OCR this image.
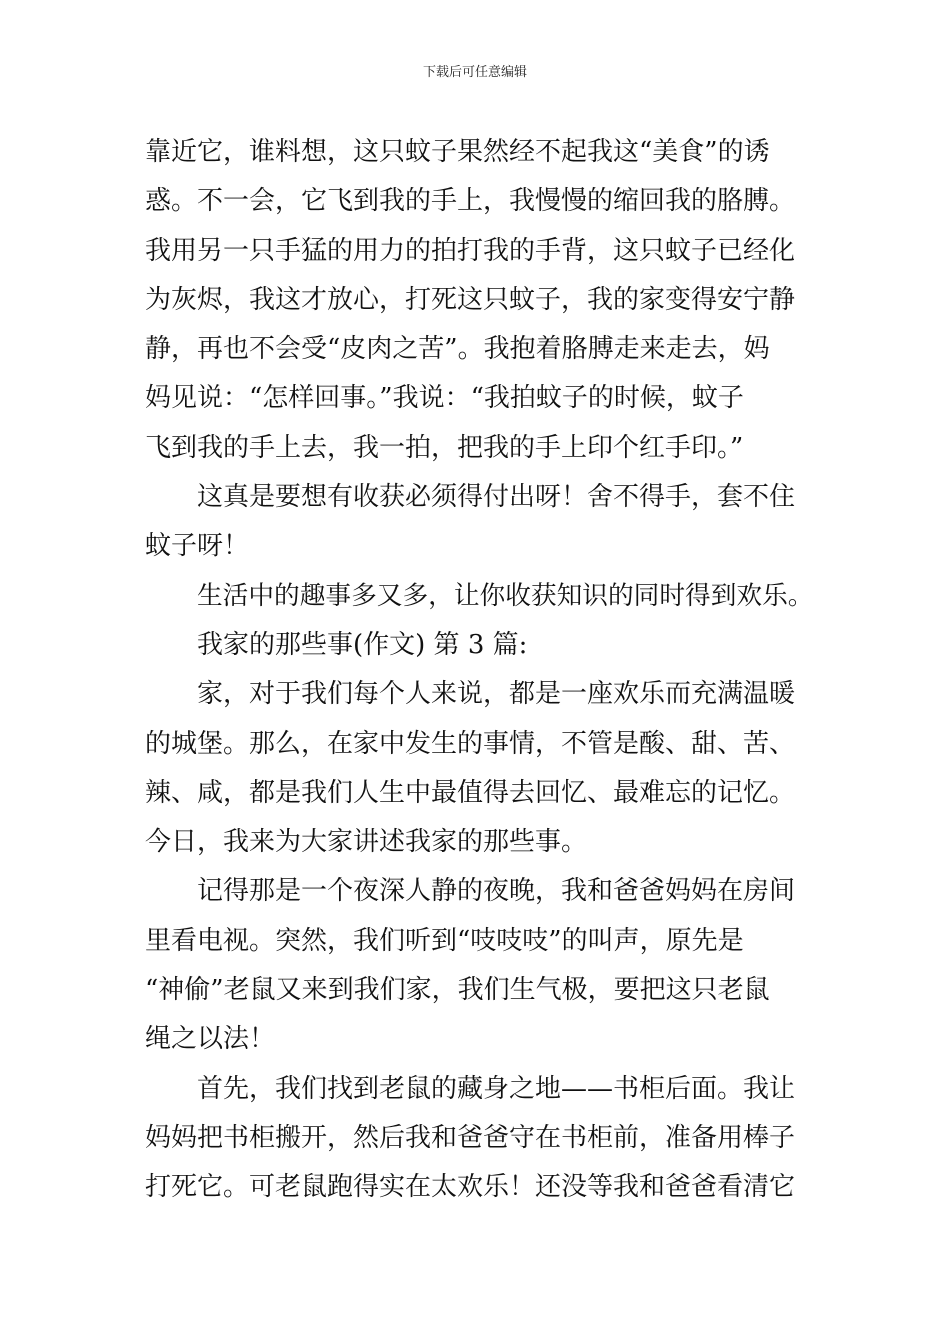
下载后可任意编辑
靠近它，谁料想，这只蚊子果然经不起我这“美食”的诱
惑。不一会，它飞到我的手上，我慢慢的缩回我的胳膊。
我用另一只手猛的用力的拍打我的手背，这只蚊子已经化
为灰烬，我这才放心，打死这只蚊子，我的家变得安宁静
静，再也不会受“皮肉之苦”。我抱着胳膊走来走去，妈
妈见说：“怎样回事。”我说：“我拍蚊子的时候，蚊子
飞到我的手上去，我一拍，把我的手上印个红手印。”
这真是要想有收获必须得付出呀！舍不得手，套不住
蚊子呀！
生活中的趣事多又多，让你收获知识的同时得到欢乐。
我家的那些事(作文) 第 3 篇:
家，对于我们每个人来说，都是一座欢乐而充满温暖
的城堡。那么，在家中发生的事情，不管是酸、甜、苦、
辣、咸，都是我们人生中最值得去回忆、最难忘的记忆。
今日，我来为大家讲述我家的那些事。
记得那是一个夜深人静的夜晚，我和爸爸妈妈在房间
里看电视。突然，我们听到“吱吱吱”的叫声，原先是
“神偷”老鼠又来到我们家，我们生气极，要把这只老鼠
绳之以法！
首先，我们找到老鼠的藏身之地——书柜后面。我让
妈妈把书柜搬开，然后我和爸爸守在书柜前，准备用棒子
打死它。可老鼠跑得实在太欢乐！还没等我和爸爸看清它
